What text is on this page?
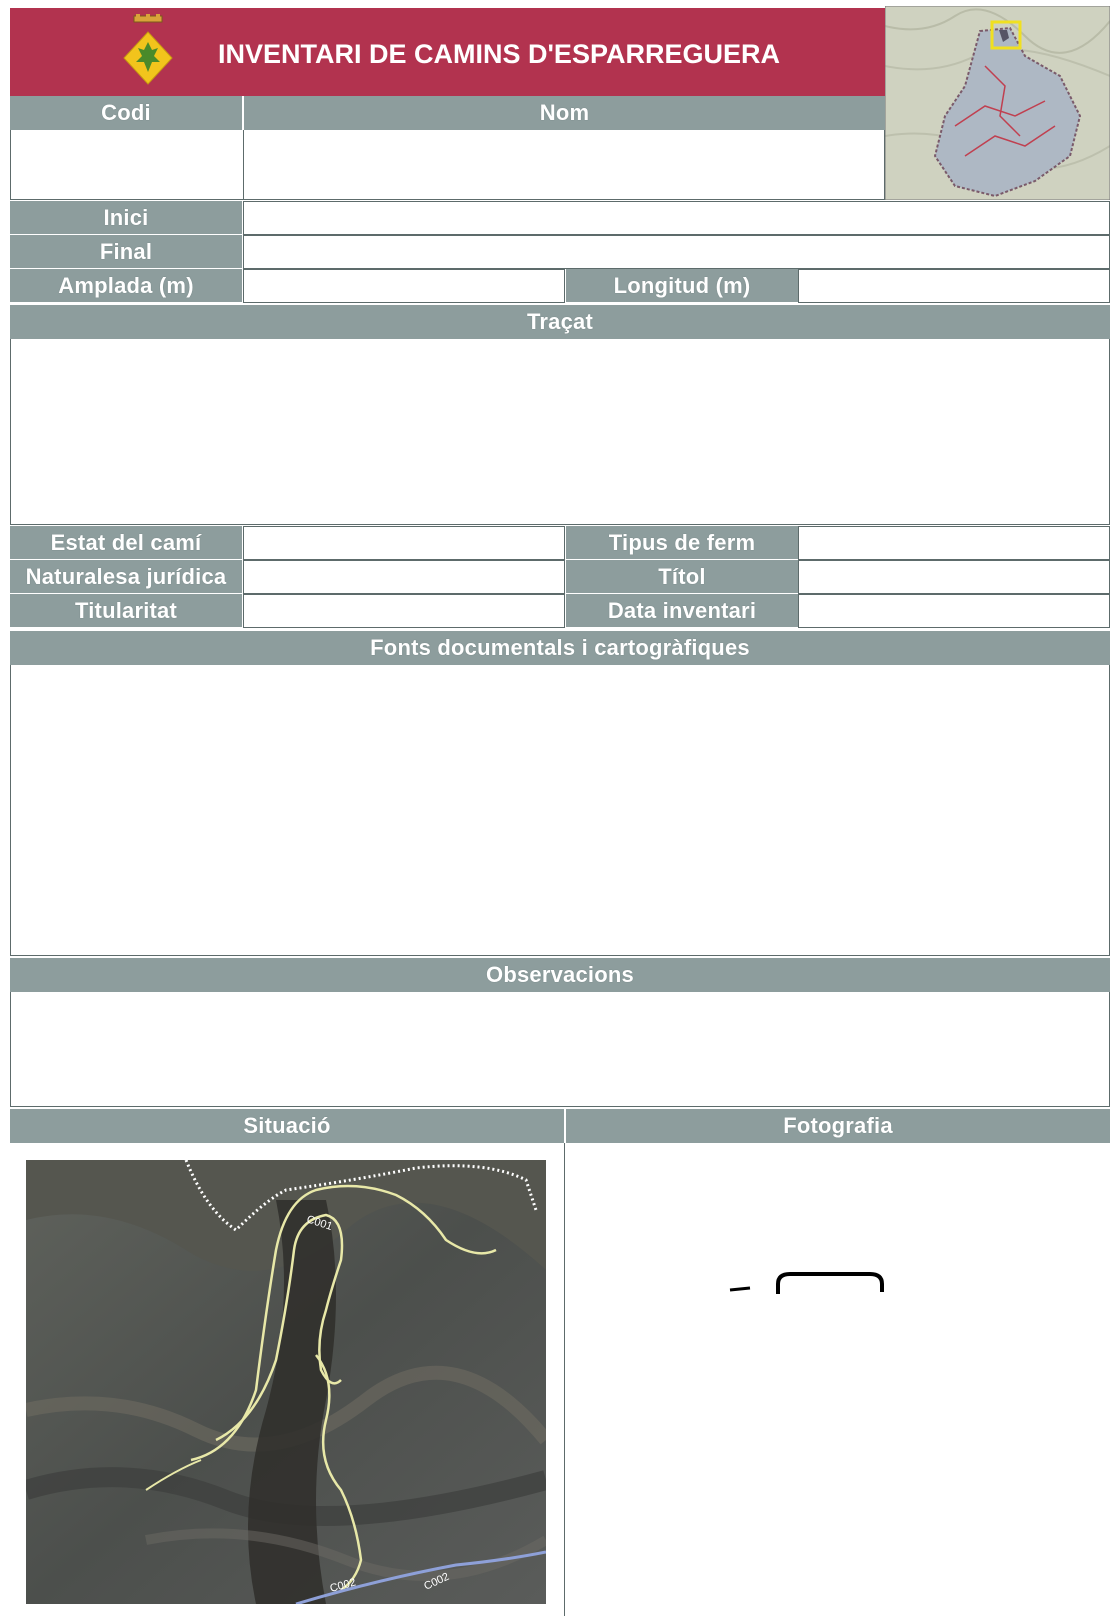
INVENTARI DE CAMINS D'ESPARREGUERA
Codi	Nom
Inici
Final
Amplada (m)	Longitud (m)
Traçat
Estat del camí	Tipus de ferm
Naturalesa jurídica	Títol
Titularitat	Data inventari
Fonts documentals i cartogràfiques
Observacions
Situació	Fotografia
C001
C002	C002
